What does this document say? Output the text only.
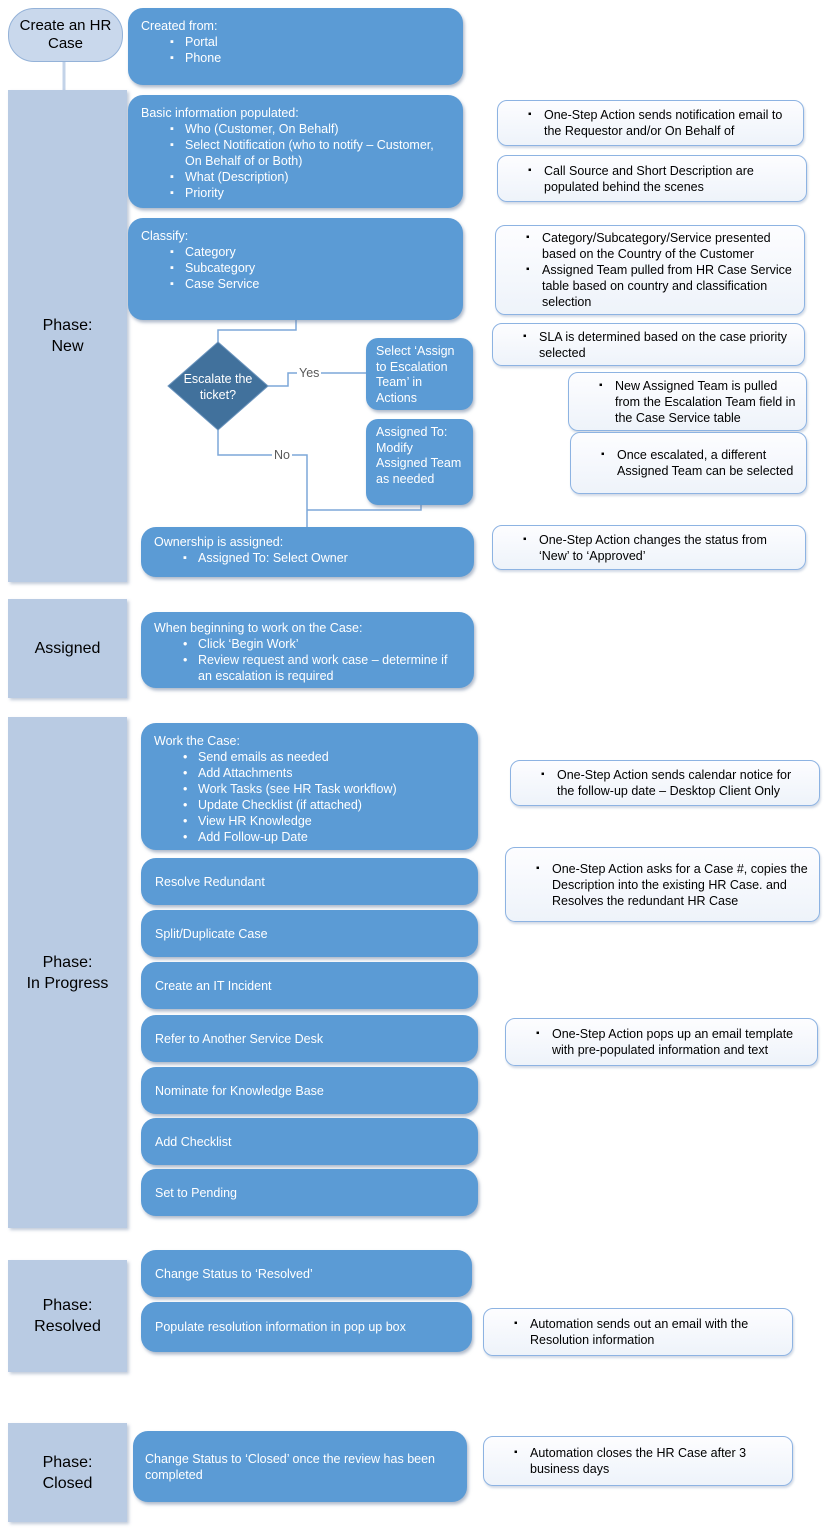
Create an HR Case
Phase:
New
Assigned
Phase:
In Progress
Phase:
Resolved
Phase:
Closed
Created from:
▪ Portal
▪ Phone
Basic information populated:
▪ Who (Customer, On Behalf)
▪ Select Notification (who to notify – Customer, On Behalf of or Both)
▪ What (Description)
▪ Priority
Classify:
▪ Category
▪ Subcategory
▪ Case Service
Escalate the ticket?
Yes
No
Select ‘Assign to Escalation Team’ in Actions
Assigned To: Modify Assigned Team as needed
Ownership is assigned:
▪ Assigned To: Select Owner
When beginning to work on the Case:
• Click ‘Begin Work’
• Review request and work case – determine if an escalation is required
Work the Case:
• Send emails as needed
• Add Attachments
• Work Tasks (see HR Task workflow)
• Update Checklist (if attached)
• View HR Knowledge
• Add Follow-up Date
Resolve Redundant
Split/Duplicate Case
Create an IT Incident
Refer to Another Service Desk
Nominate for Knowledge Base
Add Checklist
Set to Pending
Change Status to ‘Resolved’
Populate resolution information in pop up box
Change Status to ‘Closed’ once the review has been completed
▪ One-Step Action sends notification email to the Requestor and/or On Behalf of
▪ Call Source and Short Description are populated behind the scenes
▪ Category/Subcategory/Service presented based on the Country of the Customer
▪ Assigned Team pulled from HR Case Service table based on country and classification selection
▪ SLA is determined based on the case priority selected
▪ New Assigned Team is pulled from the Escalation Team field in the Case Service table
▪ Once escalated, a different Assigned Team can be selected
▪ One-Step Action changes the status from ‘New’ to ‘Approved’
▪ One-Step Action sends calendar notice for the follow-up date – Desktop Client Only
▪ One-Step Action asks for a Case #, copies the Description into the existing HR Case. and Resolves the redundant HR Case
▪ One-Step Action pops up an email template with pre-populated information and text
▪ Automation sends out an email with the Resolution information
▪ Automation closes the HR Case after 3 business days
